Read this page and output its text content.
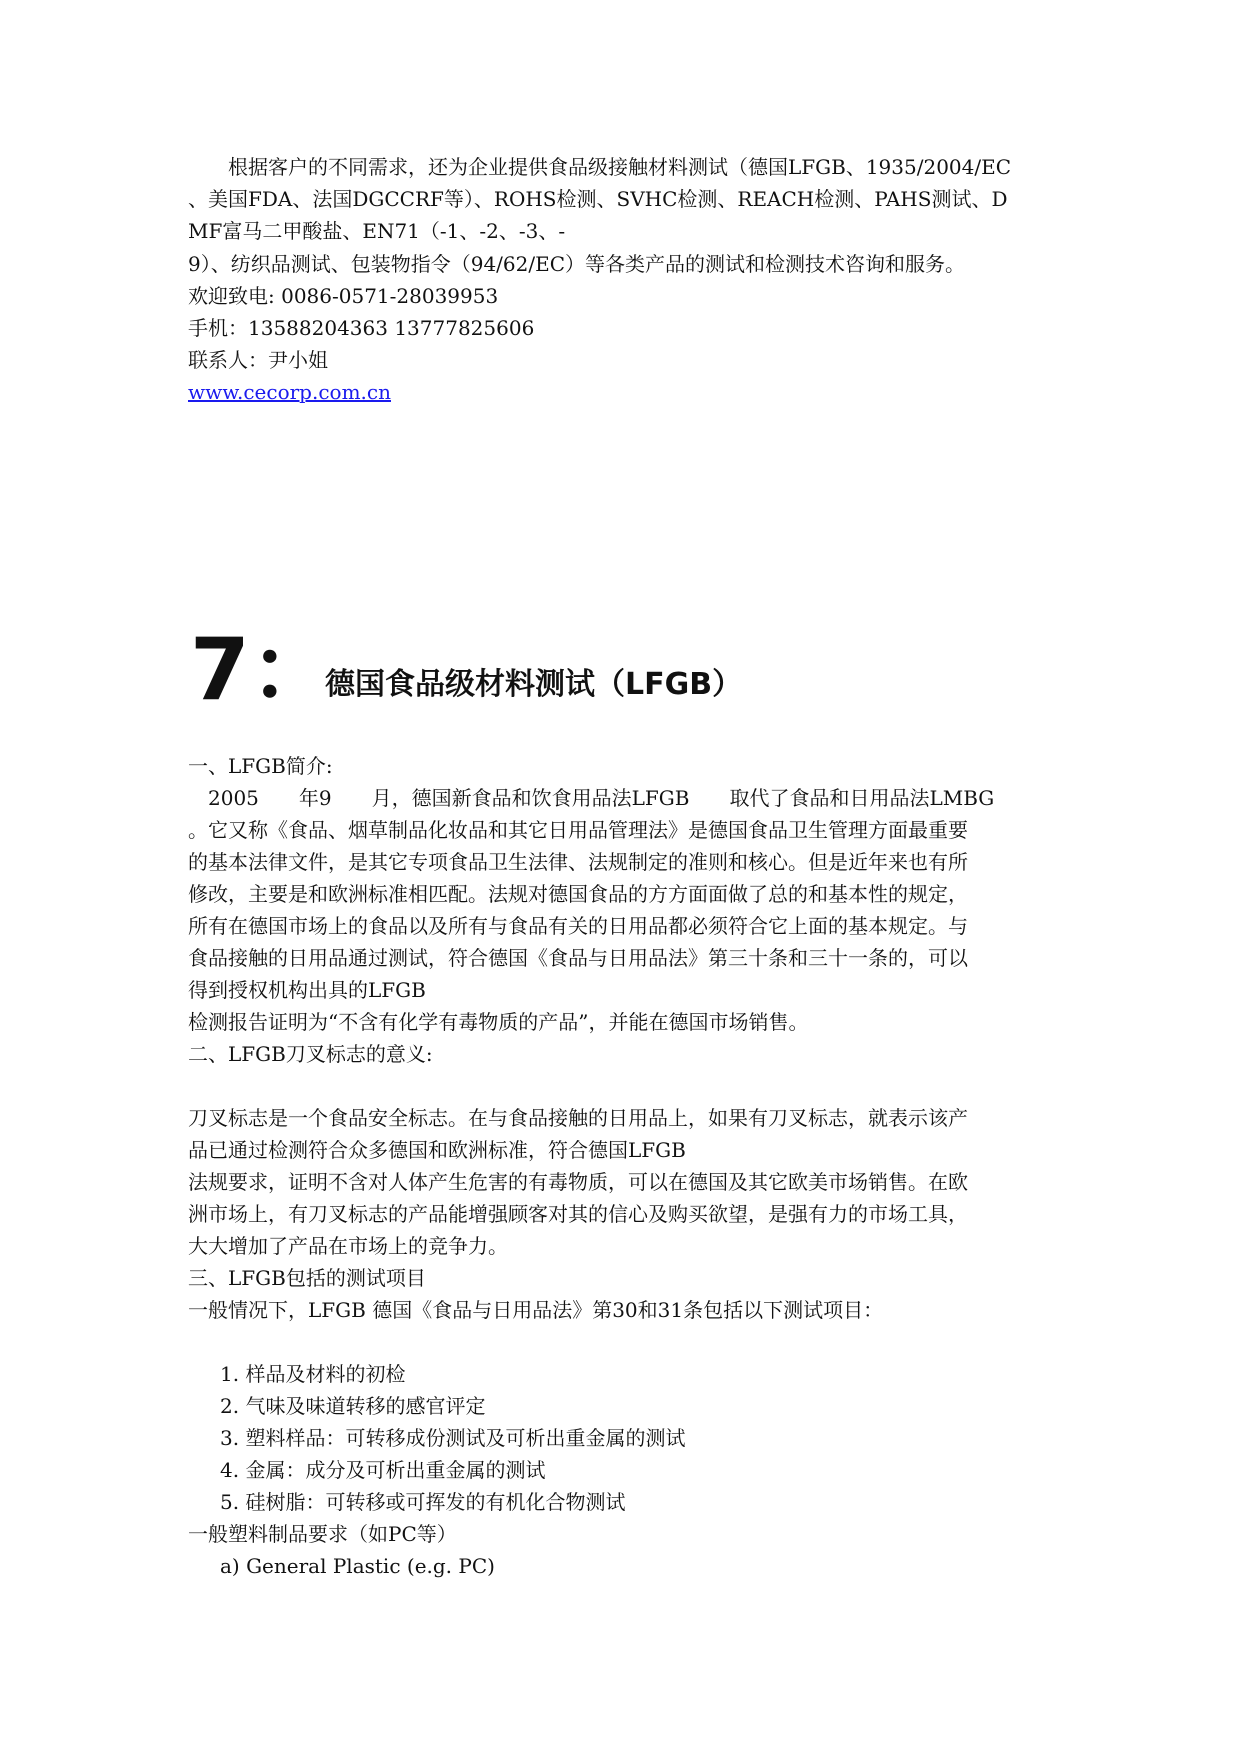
　　根据客户的不同需求，还为企业提供食品级接触材料测试（德国LFGB、1935/2004/EC

、美国FDA、法国DGCCRF等）、ROHS检测、SVHC检测、REACH检测、PAHS测试、D

MF富马二甲酸盐、EN71（-1、-2、-3、-

9）、纺织品测试、包装物指令（94/62/EC）等各类产品的测试和检测技术咨询和服务。

欢迎致电: 0086-0571-28039953

手机：13588204363 13777825606

联系人：尹小姐

www.cecorp.com.cn

7：
德国食品级材料测试（LFGB）

一、LFGB简介:

　2005　　年9　　月，德国新食品和饮食用品法LFGB　　取代了食品和日用品法LMBG

。它又称《食品、烟草制品化妆品和其它日用品管理法》是德国食品卫生管理方面最重要

的基本法律文件，是其它专项食品卫生法律、法规制定的准则和核心。但是近年来也有所

修改，主要是和欧洲标准相匹配。法规对德国食品的方方面面做了总的和基本性的规定，

所有在德国市场上的食品以及所有与食品有关的日用品都必须符合它上面的基本规定。与

食品接触的日用品通过测试，符合德国《食品与日用品法》第三十条和三十一条的，可以

得到授权机构出具的LFGB

检测报告证明为“不含有化学有毒物质的产品”，并能在德国市场销售。

二、LFGB刀叉标志的意义:

刀叉标志是一个食品安全标志。在与食品接触的日用品上，如果有刀叉标志，就表示该产

品已通过检测符合众多德国和欧洲标准，符合德国LFGB

法规要求，证明不含对人体产生危害的有毒物质，可以在德国及其它欧美市场销售。在欧

洲市场上，有刀叉标志的产品能增强顾客对其的信心及购买欲望，是强有力的市场工具，

大大增加了产品在市场上的竞争力。

三、LFGB包括的测试项目

一般情况下，LFGB 德国《食品与日用品法》第30和31条包括以下测试项目：

1. 样品及材料的初检

2. 气味及味道转移的感官评定

3. 塑料样品：可转移成份测试及可析出重金属的测试

4. 金属：成分及可析出重金属的测试

5. 硅树脂：可转移或可挥发的有机化合物测试

一般塑料制品要求（如PC等）

a) General Plastic (e.g. PC)
